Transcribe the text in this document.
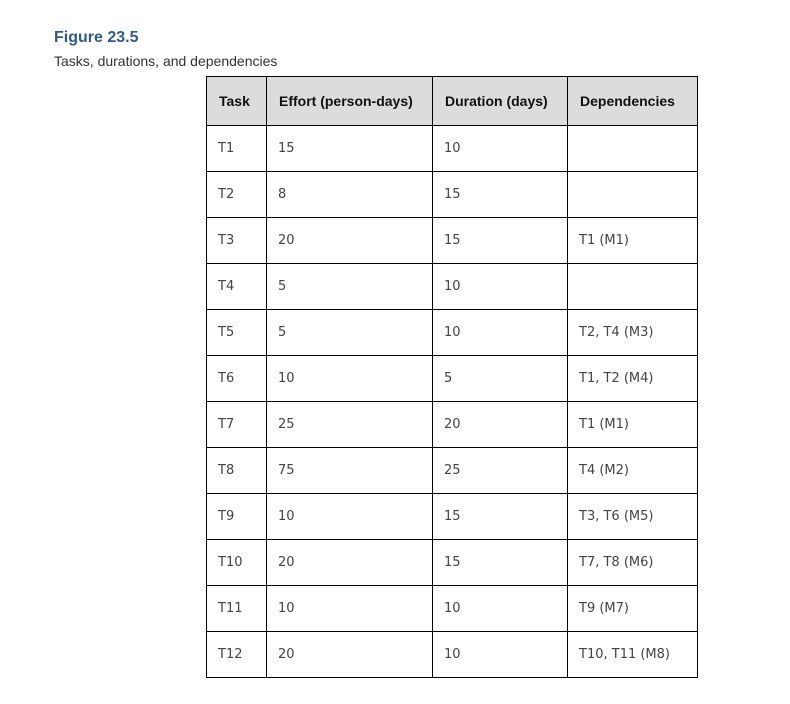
Figure 23.5

Tasks, durations, and dependencies

Task	Effort (person-days)	Duration (days)	Dependencies
T1	15	10	
T2	8	15	
T3	20	15	T1 (M1)
T4	5	10	
T5	5	10	T2, T4 (M3)
T6	10	5	T1, T2 (M4)
T7	25	20	T1 (M1)
T8	75	25	T4 (M2)
T9	10	15	T3, T6 (M5)
T10	20	15	T7, T8 (M6)
T11	10	10	T9 (M7)
T12	20	10	T10, T11 (M8)
